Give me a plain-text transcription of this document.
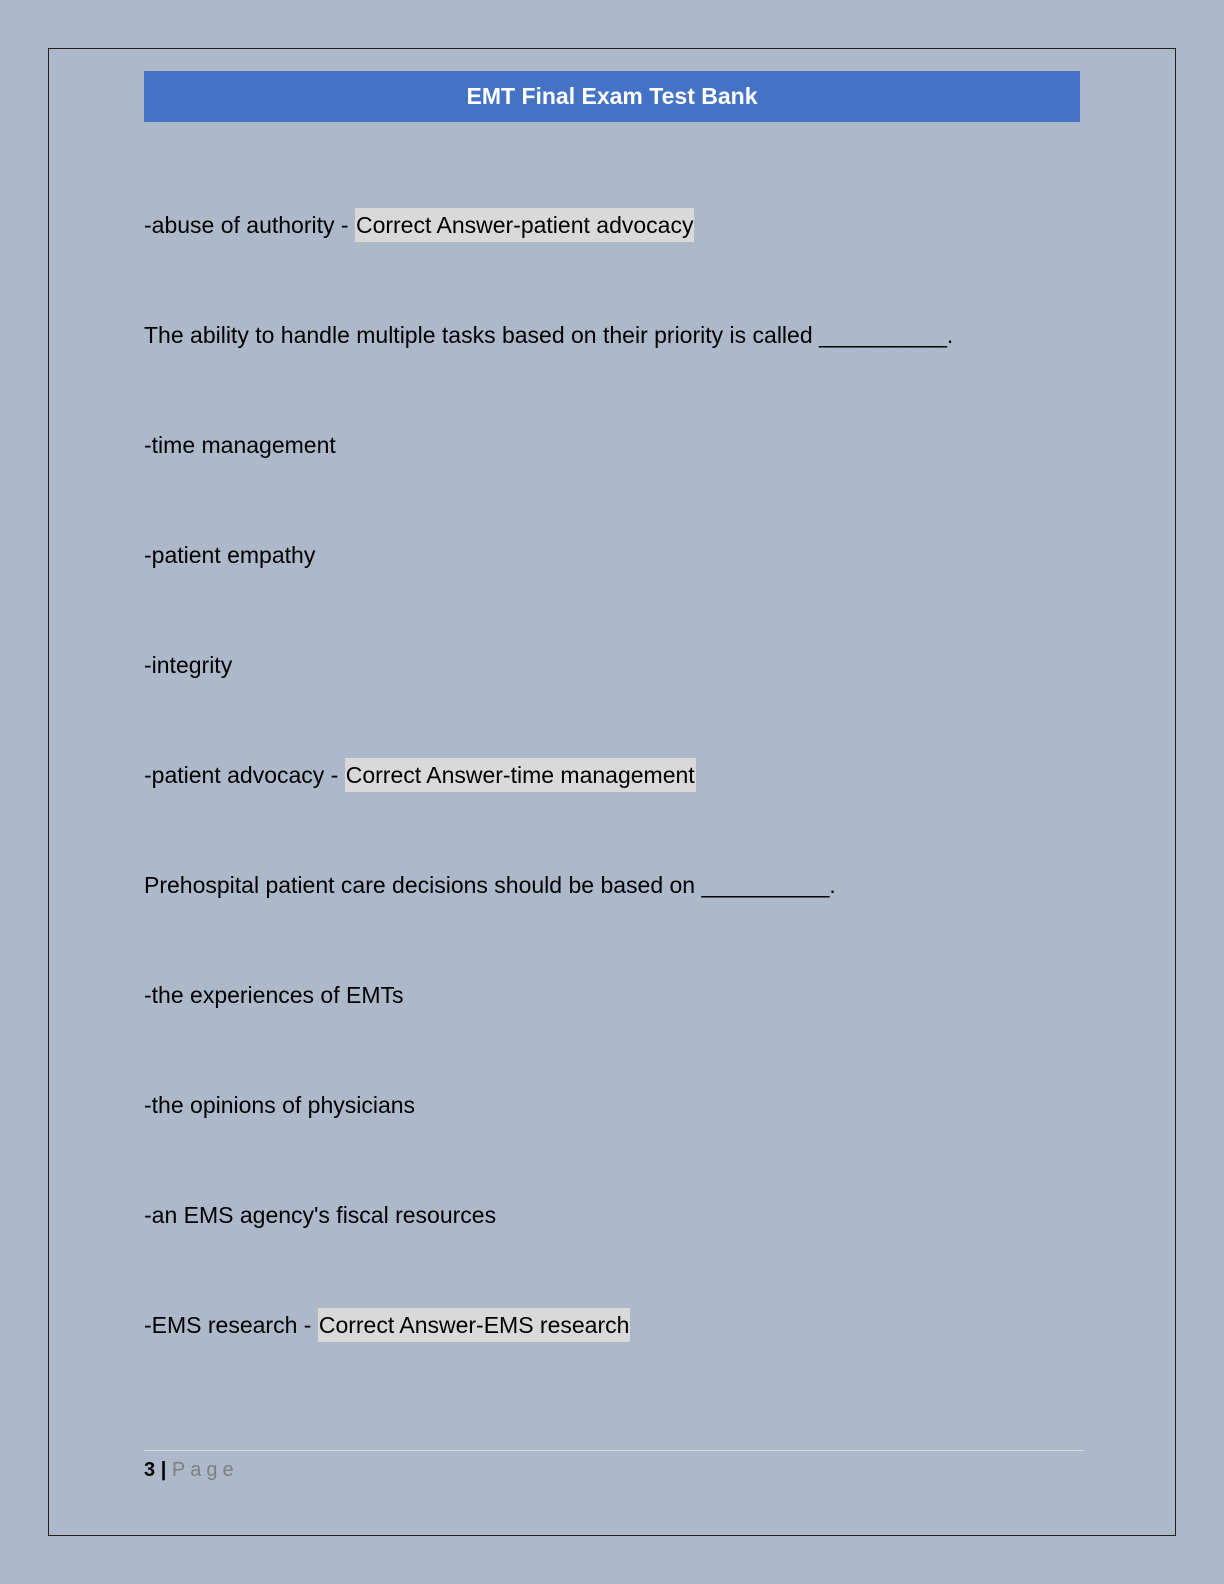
EMT Final Exam Test Bank
-abuse of authority - Correct Answer-patient advocacy
The ability to handle multiple tasks based on their priority is called __________.
-time management
-patient empathy
-integrity
-patient advocacy - Correct Answer-time management
Prehospital patient care decisions should be based on __________.
-the experiences of EMTs
-the opinions of physicians
-an EMS agency's fiscal resources
-EMS research - Correct Answer-EMS research
3 | Page
